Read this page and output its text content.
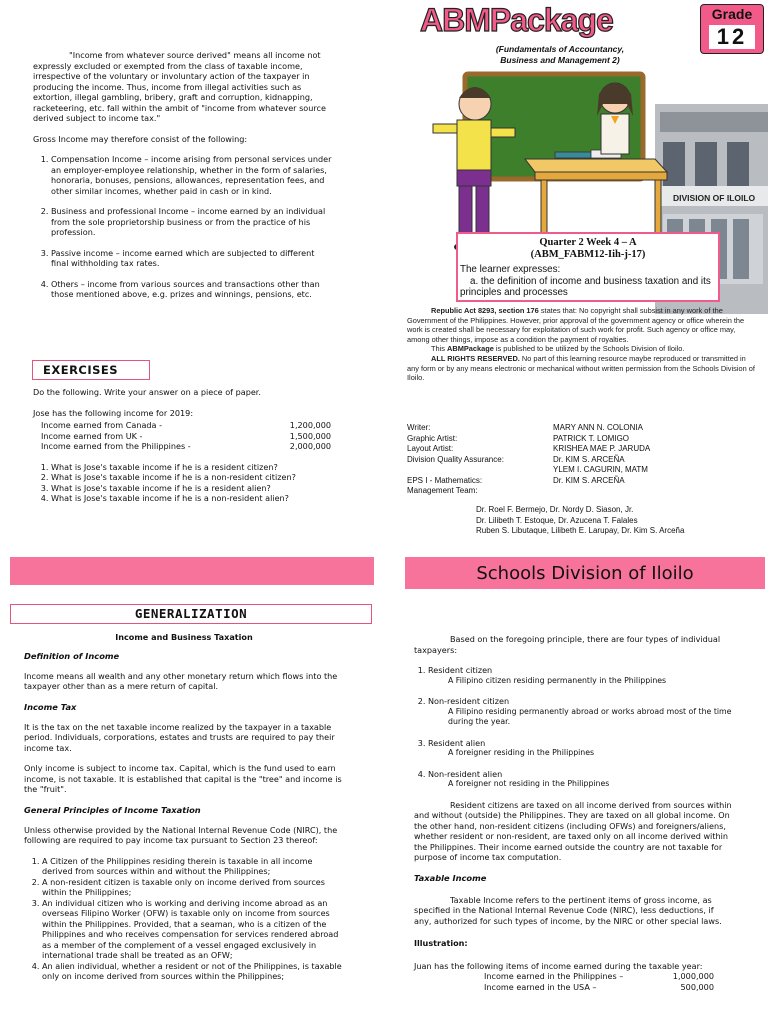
"Income from whatever source derived" means all income not expressly excluded or exempted from the class of taxable income, irrespective of the voluntary or involuntary action of the taxpayer in producing the income. Thus, income from illegal activities such as extortion, illegal gambling, bribery, graft and corruption, kidnapping, racketeering, etc. fall within the ambit of "income from whatever source derived subject to income tax."

Gross Income may therefore consist of the following:

1. Compensation Income – income arising from personal services under an employer-employee relationship, whether in the form of salaries, honoraria, bonuses, pensions, allowances, representation fees, and other similar incomes, whether paid in cash or in kind.
2. Business and professional Income – income earned by an individual from the sole proprietorship business or from the practice of his profession.
3. Passive income – income earned which are subjected to different final withholding tax rates.
4. Others – income from various sources and transactions other than those mentioned above, e.g. prizes and winnings, pensions, etc.
EXERCISES

Do the following. Write your answer on a piece of paper.

Jose has the following income for 2019:

Income earned from Canada -	1,200,000
Income earned from UK -	1,500,000
Income earned from the Philippines -	2,000,000
1. What is Jose's taxable income if he is a resident citizen?
2. What is Jose's taxable income if he is a non-resident citizen?
3. What is Jose's taxable income if he is a resident alien?
4. What is Jose's taxable income if he is a non-resident alien?
ABMPackage	Grade
12
(Fundamentals of Accountancy,
Business and Management 2)
DIVISION OF ILOILO
Quarter 2 Week 4 – A
(ABM_FABM12-Iih-j-17)
The learner expresses:
a. the definition of income and business taxation and its principles and processes
Republic Act 8293, section 176 states that: No copyright shall subsist in any work of the Government of the Philippines. However, prior approval of the government agency or office wherein the work is created shall be necessary for exploitation of such work for profit. Such agency or office may, among other things, impose as a condition the payment of royalties.
This ABMPackage is published to be utilized by the Schools Division of Iloilo.
ALL RIGHTS RESERVED. No part of this learning resource maybe reproduced or transmitted in any form or by any means electronic or mechanical without written permission from the Schools Division of Iloilo.
Writer:	MARY ANN N. COLONIA
Graphic Artist:	PATRICK T. LOMIGO
Layout Artist:	KRISHEA MAE P. JARUDA
Division Quality Assurance:	Dr. KIM S. ARCEÑA
YLEM I. CAGURIN, MATM
EPS I - Mathematics:	Dr. KIM S. ARCEÑA
Management Team:
Dr. Roel F. Bermejo, Dr. Nordy D. Siason, Jr.
Dr. Lilibeth T. Estoque, Dr. Azucena T. Falales
Ruben S. Libutaque, Lilibeth E. Larupay, Dr. Kim S. Arceña
Schools Division of Iloilo
GENERALIZATION

Income and Business Taxation

Definition of Income

Income means all wealth and any other monetary return which flows into the taxpayer other than as a mere return of capital.

Income Tax

It is the tax on the net taxable income realized by the taxpayer in a taxable period. Individuals, corporations, estates and trusts are required to pay their income tax.

Only income is subject to income tax. Capital, which is the fund used to earn income, is not taxable. It is established that capital is the "tree" and income is the "fruit".

General Principles of Income Taxation

Unless otherwise provided by the National Internal Revenue Code (NIRC), the following are required to pay income tax pursuant to Section 23 thereof:

1. A Citizen of the Philippines residing therein is taxable in all income derived from sources within and without the Philippines;
2. A non-resident citizen is taxable only on income derived from sources within the Philippines;
3. An individual citizen who is working and deriving income abroad as an overseas Filipino Worker (OFW) is taxable only on income from sources within the Philippines. Provided, that a seaman, who is a citizen of the Philippines and who receives compensation for services rendered abroad as a member of the complement of a vessel engaged exclusively in international trade shall be treated as an OFW;
4. An alien individual, whether a resident or not of the Philippines, is taxable only on income derived from sources within the Philippines;

Based on the foregoing principle, there are four types of individual taxpayers:

1. Resident citizen
A Filipino citizen residing permanently in the Philippines
2. Non-resident citizen
A Filipino residing permanently abroad or works abroad most of the time during the year.
3. Resident alien
A foreigner residing in the Philippines
4. Non-resident alien
A foreigner not residing in the Philippines

Resident citizens are taxed on all income derived from sources within and without (outside) the Philippines. They are taxed on all global income. On the other hand, non-resident citizens (including OFWs) and foreigners/aliens, whether resident or non-resident, are taxed only on all income derived within the Philippines. Their income earned outside the country are not taxable for purpose of income tax computation.

Taxable Income

Taxable Income refers to the pertinent items of gross income, as specified in the National Internal Revenue Code (NIRC), less deductions, if any, authorized for such types of income, by the NIRC or other special laws.

Illustration:

Juan has the following items of income earned during the taxable year:

Income earned in the Philippines –	1,000,000
Income earned in the USA –	500,000
